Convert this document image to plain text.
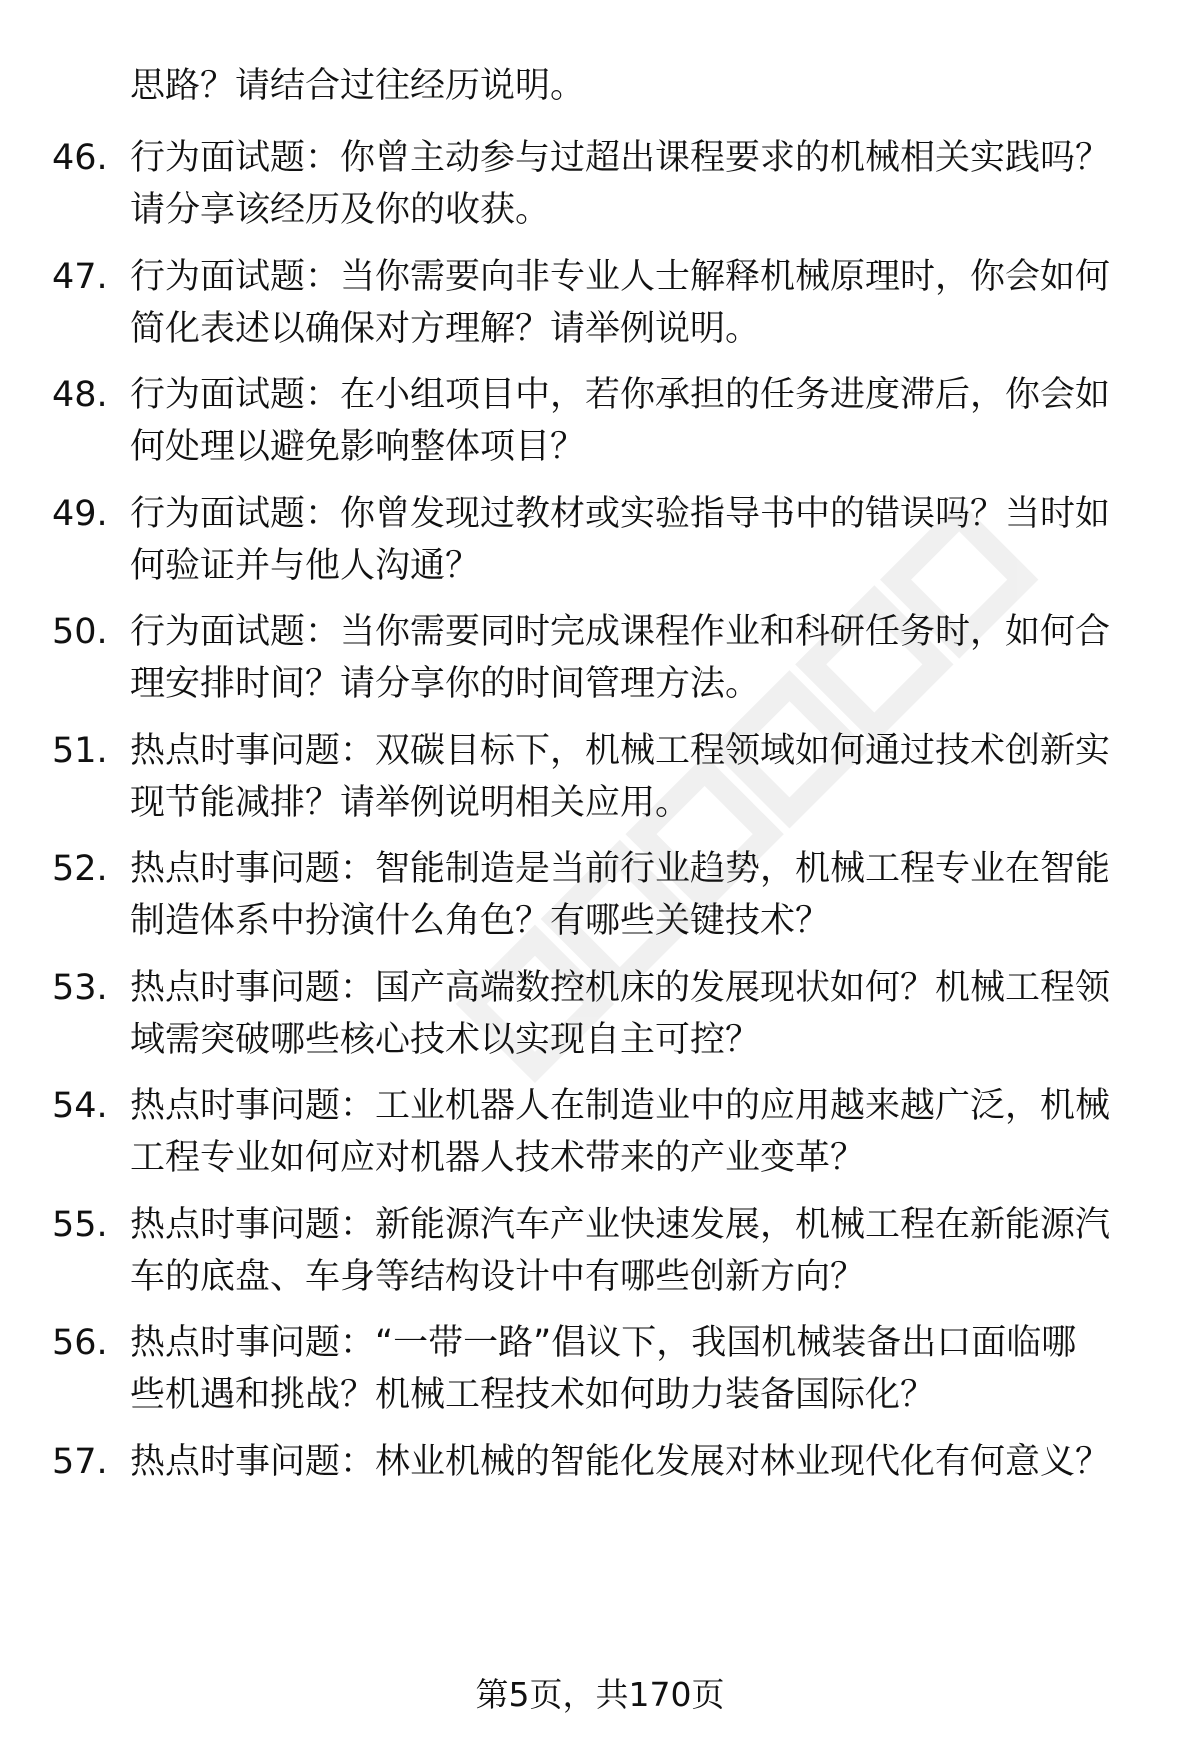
思路？请结合过往经历说明。
46. 行为面试题：你曾主动参与过超出课程要求的机械相关实践吗？
请分享该经历及你的收获。
47. 行为面试题：当你需要向非专业人士解释机械原理时，你会如何
简化表述以确保对方理解？请举例说明。
48. 行为面试题：在小组项目中，若你承担的任务进度滞后，你会如
何处理以避免影响整体项目？
49. 行为面试题：你曾发现过教材或实验指导书中的错误吗？当时如
何验证并与他人沟通？
50. 行为面试题：当你需要同时完成课程作业和科研任务时，如何合
理安排时间？请分享你的时间管理方法。
51. 热点时事问题：双碳目标下，机械工程领域如何通过技术创新实
现节能减排？请举例说明相关应用。
52. 热点时事问题：智能制造是当前行业趋势，机械工程专业在智能
制造体系中扮演什么角色？有哪些关键技术？
53. 热点时事问题：国产高端数控机床的发展现状如何？机械工程领
域需突破哪些核心技术以实现自主可控？
54. 热点时事问题：工业机器人在制造业中的应用越来越广泛，机械
工程专业如何应对机器人技术带来的产业变革？
55. 热点时事问题：新能源汽车产业快速发展，机械工程在新能源汽
车的底盘、车身等结构设计中有哪些创新方向？
56. 热点时事问题：“一带一路”倡议下，我国机械装备出口面临哪
些机遇和挑战？机械工程技术如何助力装备国际化？
57. 热点时事问题：林业机械的智能化发展对林业现代化有何意义？
第5页，共170页
